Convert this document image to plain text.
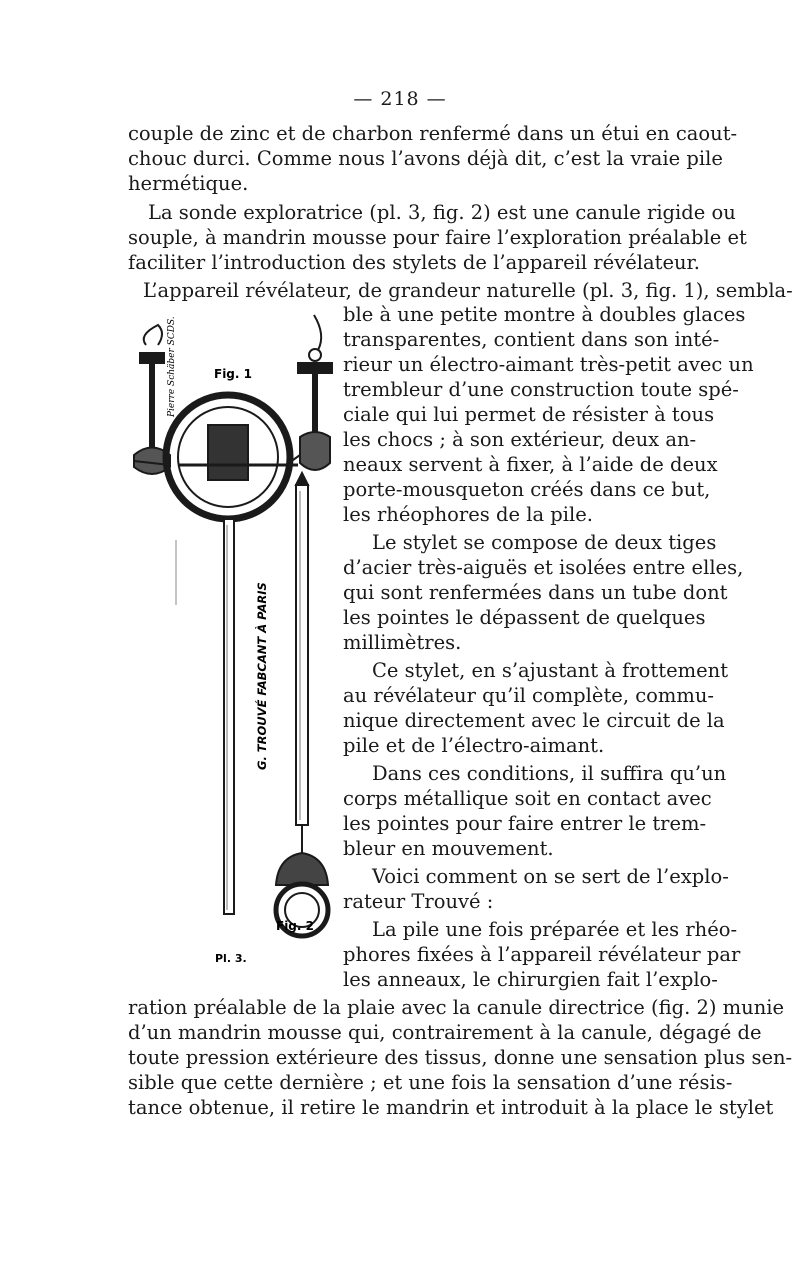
— 218 —
couple de zinc et de charbon renfermé dans un étui en caout-
chouc durci. Comme nous l’avons déjà dit, c’est la vraie pile
hermétique.
La sonde exploratrice (pl. 3, fig. 2) est une canule rigide ou
souple, à mandrin mousse pour faire l’exploration préalable et
faciliter l’introduction des stylets de l’appareil révélateur.
L’appareil révélateur, de grandeur naturelle (pl. 3, fig. 1), sembla-
ble à une petite montre à doubles glaces
transparentes, contient dans son inté-
rieur un électro-aimant très-petit avec un
trembleur d’une construction toute spé-
ciale qui lui permet de résister à tous
les chocs ; à son extérieur, deux an-
neaux servent à fixer, à l’aide de deux
porte-mousqueton créés dans ce but,
les rhéophores de la pile.
Le stylet se compose de deux tiges
d’acier très-aiguës et isolées entre elles,
qui sont renfermées dans un tube dont
les pointes le dépassent de quelques
millimètres.
Ce stylet, en s’ajustant à frottement
au révélateur qu’il complète, commu-
nique directement avec le circuit de la
pile et de l’électro-aimant.
Dans ces conditions, il suffira qu’un
corps métallique soit en contact avec
les pointes pour faire entrer le trem-
bleur en mouvement.
Voici comment on se sert de l’explo-
rateur Trouvé :
La pile une fois préparée et les rhéo-
phores fixées à l’appareil révélateur par
les anneaux, le chirurgien fait l’explo-
ration préalable de la plaie avec la canule directrice (fig. 2) munie
d’un mandrin mousse qui, contrairement à la canule, dégagé de
toute pression extérieure des tissus, donne une sensation plus sen-
sible que cette dernière ; et une fois la sensation d’une résis-
tance obtenue, il retire le mandrin et introduit à la place le stylet
Fig. 1
Fig. 2
Pl. 3.
G. TROUVÉ FABCANT À PARIS
Pierre Schäber SCDS.
